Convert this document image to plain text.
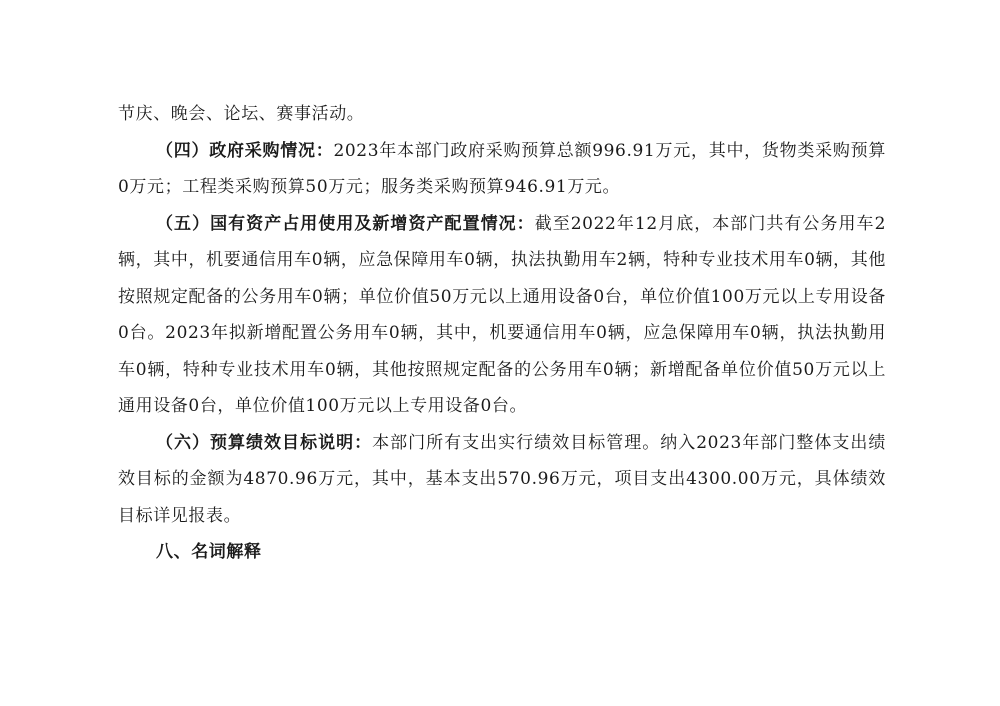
节庆、晚会、论坛、赛事活动。

（四）政府采购情况：2023年本部门政府采购预算总额996.91万元，其中，货物类采购预算0万元；工程类采购预算50万元；服务类采购预算946.91万元。

（五）国有资产占用使用及新增资产配置情况：截至2022年12月底，本部门共有公务用车2辆，其中，机要通信用车0辆，应急保障用车0辆，执法执勤用车2辆，特种专业技术用车0辆，其他按照规定配备的公务用车0辆；单位价值50万元以上通用设备0台，单位价值100万元以上专用设备0台。2023年拟新增配置公务用车0辆，其中，机要通信用车0辆，应急保障用车0辆，执法执勤用车0辆，特种专业技术用车0辆，其他按照规定配备的公务用车0辆；新增配备单位价值50万元以上通用设备0台，单位价值100万元以上专用设备0台。

（六）预算绩效目标说明：本部门所有支出实行绩效目标管理。纳入2023年部门整体支出绩效目标的金额为4870.96万元，其中，基本支出570.96万元，项目支出4300.00万元，具体绩效目标详见报表。

八、名词解释
